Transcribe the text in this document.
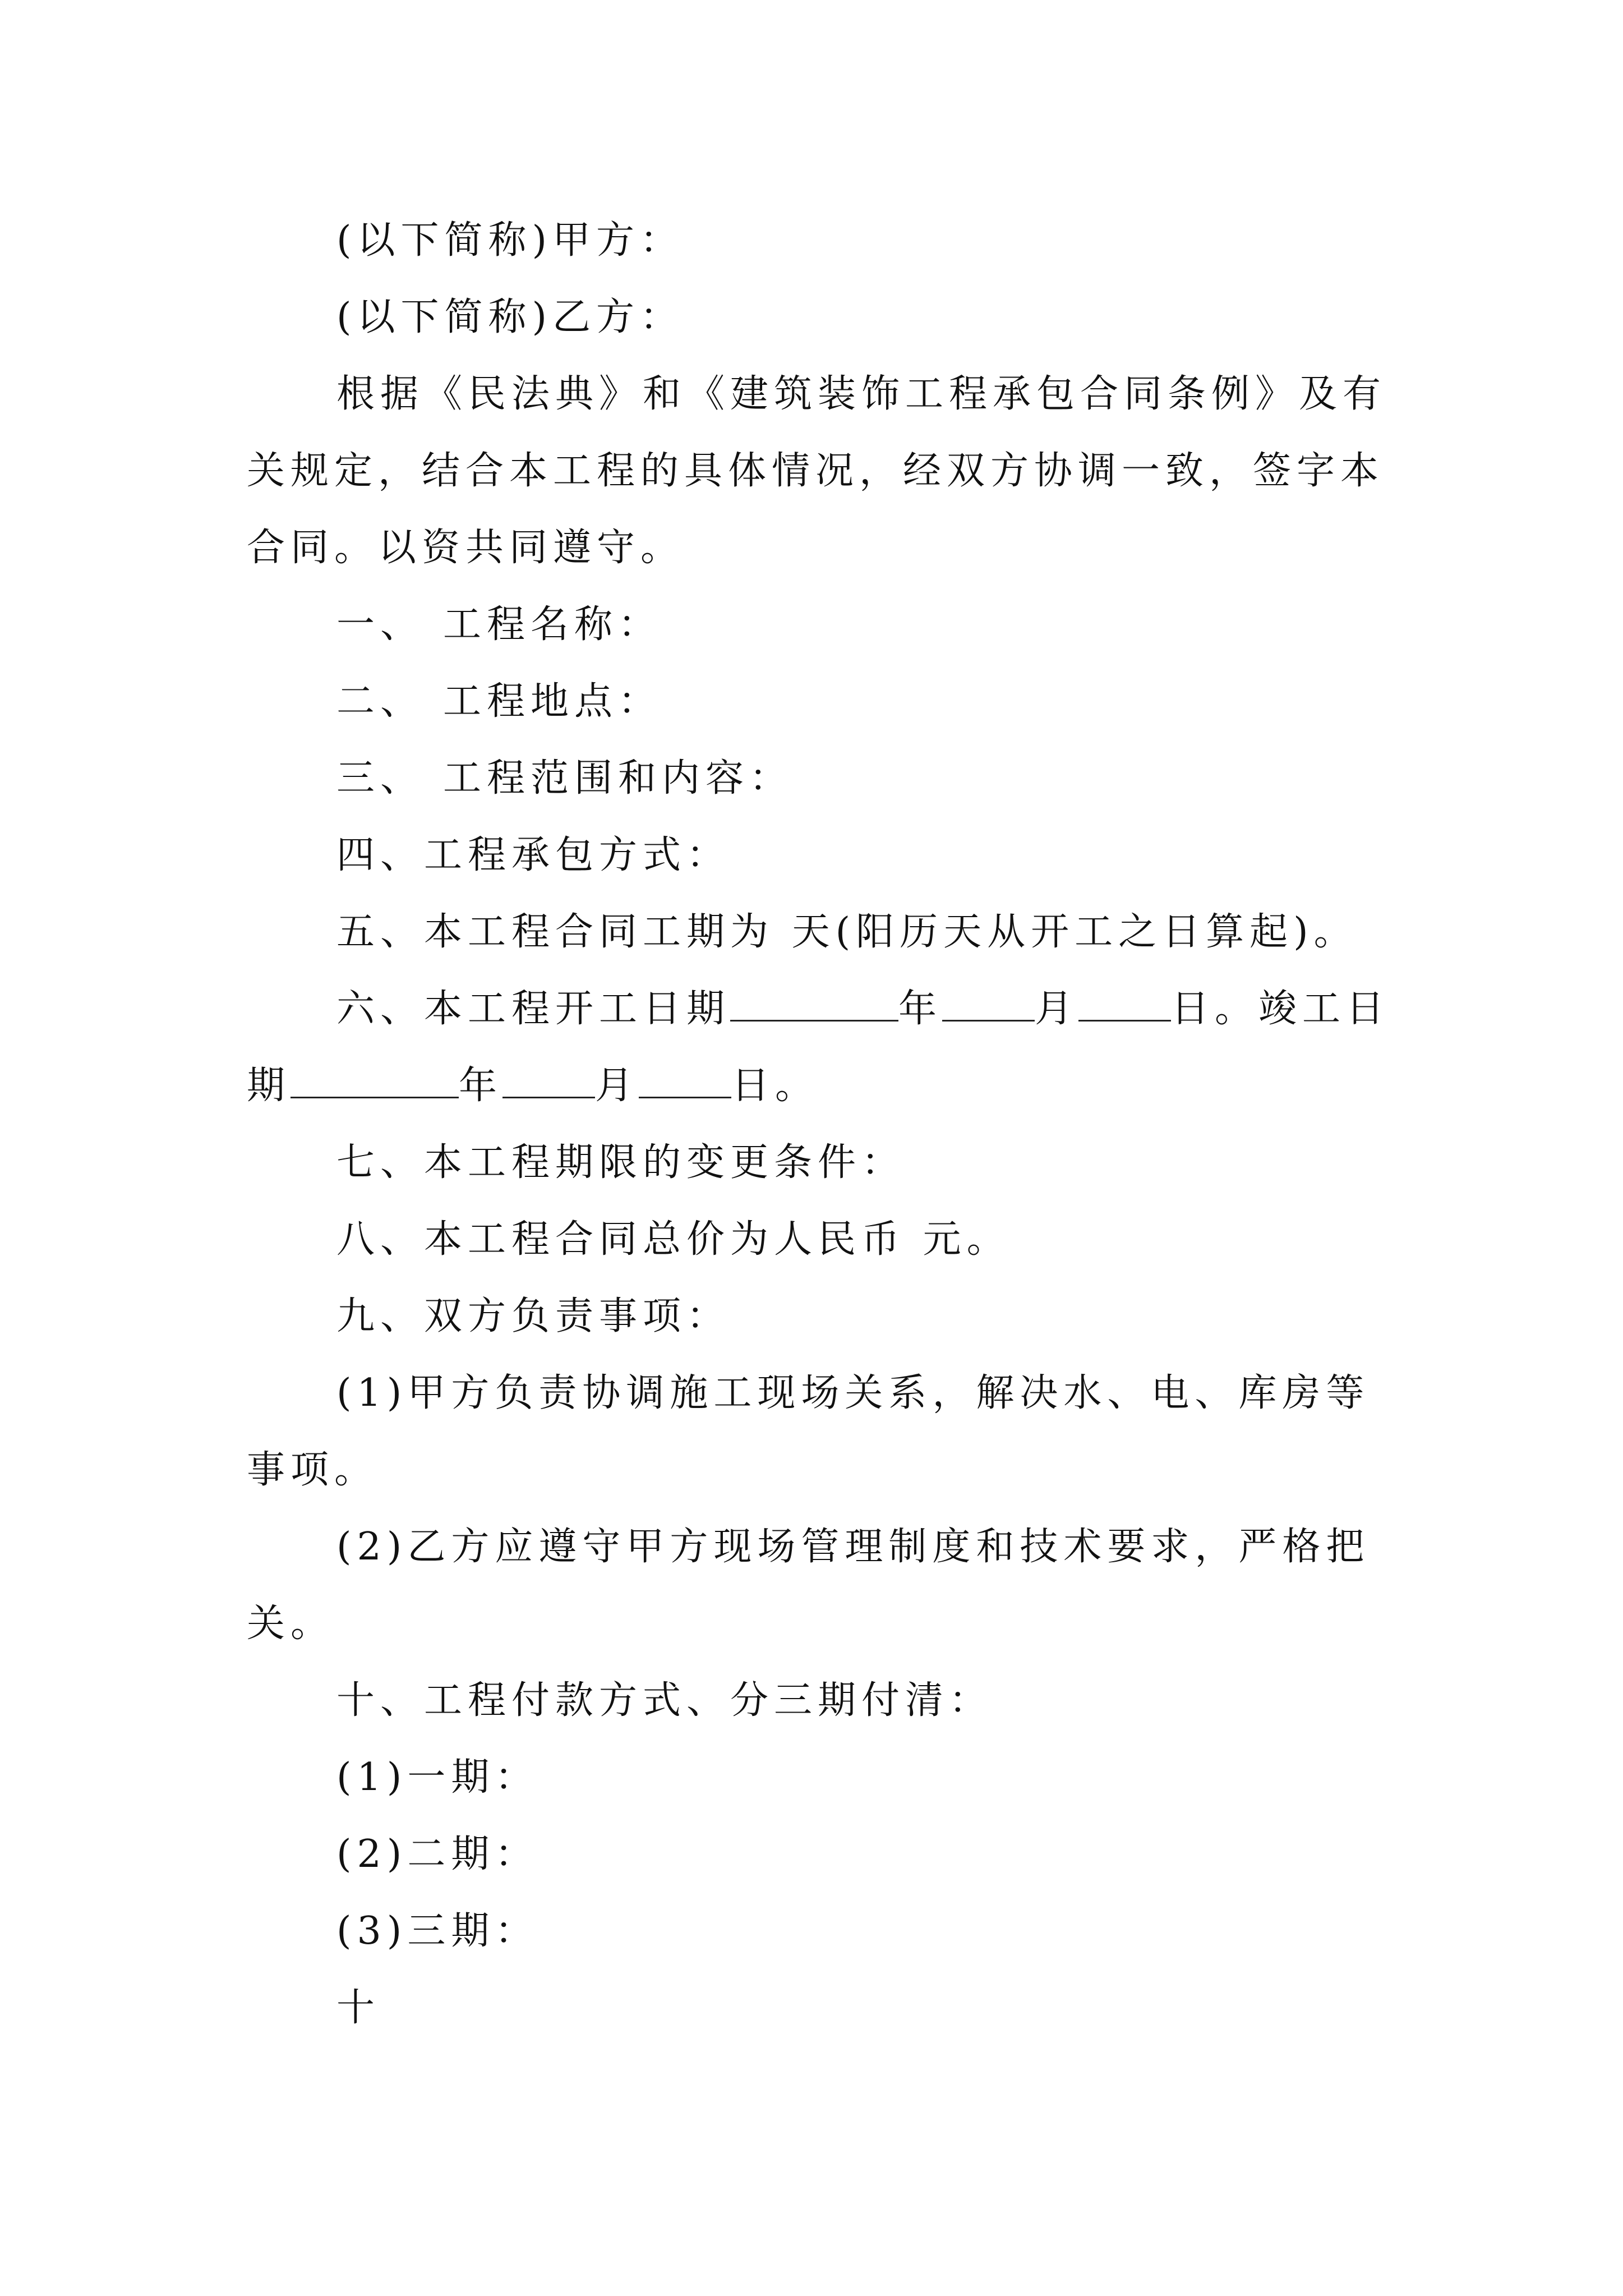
(以下简称)甲方：

(以下简称)乙方：

根据《民法典》和《建筑装饰工程承包合同条例》及有

关规定，结合本工程的具体情况，经双方协调一致，签字本

合同。以资共同遵守。

一、 工程名称：

二、 工程地点：

三、 工程范围和内容：

四、工程承包方式：

五、本工程合同工期为 天(阳历天从开工之日算起)。

六、本工程开工日期	年 月 日。竣工日

期	年 月 日。

七、本工程期限的变更条件：

八、本工程合同总价为人民币 元。

九、双方负责事项：

(1)甲方负责协调施工现场关系，解决水、电、库房等

事项。

(2)乙方应遵守甲方现场管理制度和技术要求，严格把

关。

十、工程付款方式、分三期付清：

(1)一期：

(2)二期：

(3)三期：

十
